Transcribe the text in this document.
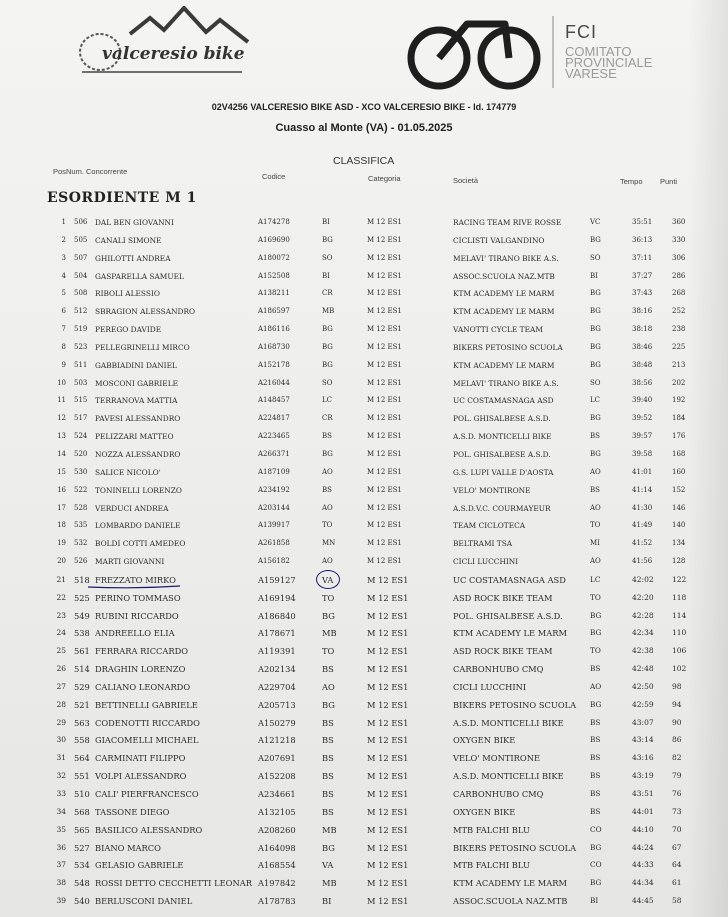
valceresio bike
FCI
COMITATO
PROVINCIALE
VARESE
02V4256 VALCERESIO BIKE ASD - XCO VALCERESIO BIKE - Id. 174779
Cuasso al Monte (VA) - 01.05.2025
CLASSIFICA
Pos.
Num. Concorrente
Codice	Categoria	Società	Tempo Punti
ESORDIENTE M 1
1 506 DAL BEN GIOVANNI	A174278	BI	M 12 ES1	RACING TEAM RIVE ROSSE	VC	35:51	360
2 505 CANALI SIMONE	A169690	BG	M 12 ES1	CICLISTI VALGANDINO	BG	36:13	330
3 507 GHILOTTI ANDREA	A180072	SO	M 12 ES1	MELAVI' TIRANO BIKE A.S.	SO	37:11	306
4 504 GASPARELLA SAMUEL	A152508	BI	M 12 ES1	ASSOC.SCUOLA NAZ.MTB	BI	37:27	286
5 508 RIBOLI ALESSIO	A138211	CR	M 12 ES1	KTM ACADEMY LE MARM	BG	37:43	268
6 512 SBRAGION ALESSANDRO	A186597	MB	M 12 ES1	KTM ACADEMY LE MARM	BG	38:16	252
7 519 PEREGO DAVIDE	A186116	BG	M 12 ES1	VANOTTI CYCLE TEAM	BG	38:18	238
8 523 PELLEGRINELLI MIRCO	A168730	BG	M 12 ES1	BIKERS PETOSINO SCUOLA	BG	38:46	225
9 511 GABBIADINI DANIEL	A152178	BG	M 12 ES1	KTM ACADEMY LE MARM	BG	38:48	213
10 503 MOSCONI GABRIELE	A216044	SO	M 12 ES1	MELAVI' TIRANO BIKE A.S.	SO	38:56	202
11 515 TERRANOVA MATTIA	A148457	LC	M 12 ES1	UC COSTAMASNAGA ASD	LC	39:40	192
12 517 PAVESI ALESSANDRO	A224817	CR	M 12 ES1	POL. GHISALBESE A.S.D.	BG	39:52	184
13 524 PELIZZARI MATTEO	A223465	BS	M 12 ES1	A.S.D. MONTICELLI BIKE	BS	39:57	176
14 520 NOZZA ALESSANDRO	A266371	BG	M 12 ES1	POL. GHISALBESE A.S.D.	BG	39:58	168
15 530 SALICE NICOLO'	A187109	AO	M 12 ES1	G.S. LUPI VALLE D'AOSTA	AO	41:01	160
16 522 TONINELLI LORENZO	A234192	BS	M 12 ES1	VELO' MONTIRONE	BS	41:14	152
17 528 VERDUCI ANDREA	A203144	AO	M 12 ES1	A.S.D.V.C. COURMAYEUR	AO	41:30	146
18 535 LOMBARDO DANIELE	A139917	TO	M 12 ES1	TEAM CICLOTECA	TO	41:49	140
19 532 BOLDI COTTI AMEDEO	A261858	MN	M 12 ES1	BELTRAMI TSA	MI	41:52	134
20 526 MARTI GIOVANNI	A156182	AO	M 12 ES1	CICLI LUCCHINI	AO	41:56	128
21 518 FREZZATO MIRKO	A159127	VA	M 12 ES1	UC COSTAMASNAGA ASD	LC	42:02 122
22 525 PERINO TOMMASO	A169194	TO	M 12 ES1	ASD ROCK BIKE TEAM	TO	42:20 118
23 549 RUBINI RICCARDO	A186840	BG	M 12 ES1	POL. GHISALBESE A.S.D.	BG	42:28 114
24 538 ANDREELLO ELIA	A178671	MB	M 12 ES1	KTM ACADEMY LE MARM	BG	42:34 110
25 561 FERRARA RICCARDO	A119391	TO	M 12 ES1	ASD ROCK BIKE TEAM	TO	42:38 106
26 514 DRAGHIN LORENZO	A202134	BS	M 12 ES1	CARBONHUBO CMQ	BS	42:48 102
27 529 CALIANO LEONARDO	A229704	AO	M 12 ES1	CICLI LUCCHINI	AO	42:50 98
28 521 BETTINELLI GABRIELE	A205713	BG	M 12 ES1	BIKERS PETOSINO SCUOLA BG	42:59 94
29 563 CODENOTTI RICCARDO	A150279	BS	M 12 ES1	A.S.D. MONTICELLI BIKE	BS	43:07 90
30 558 GIACOMELLI MICHAEL	A121218	BS	M 12 ES1	OXYGEN BIKE	BS	43:14 86
31 564 CARMINATI FILIPPO	A207691	BS	M 12 ES1	VELO' MONTIRONE	BS	43:16 82
32 551 VOLPI ALESSANDRO	A152208	BS	M 12 ES1	A.S.D. MONTICELLI BIKE	BS	43:19 79
33 510 CALI' PIERFRANCESCO	A234661	BS	M 12 ES1	CARBONHUBO CMQ	BS	43:51 76
34 568 TASSONE DIEGO	A132105	BS	M 12 ES1	OXYGEN BIKE	BS	44:01 73
35 565 BASILICO ALESSANDRO	A208260	MB	M 12 ES1	MTB FALCHI BLU	CO	44:10 70
36 527 BIANO MARCO	A164098	BG	M 12 ES1	BIKERS PETOSINO SCUOLA BG	44:24 67
37 534 GELASIO GABRIELE	A168554	VA	M 12 ES1	MTB FALCHI BLU	CO	44:33 64
38 548 ROSSI DETTO CECCHETTI LEONAR A197842	MB	M 12 ES1	KTM ACADEMY LE MARM	BG	44:34 61
39 540 BERLUSCONI DANIEL	A178783	BI	M 12 ES1	ASSOC.SCUOLA NAZ.MTB	BI	44:45 58
